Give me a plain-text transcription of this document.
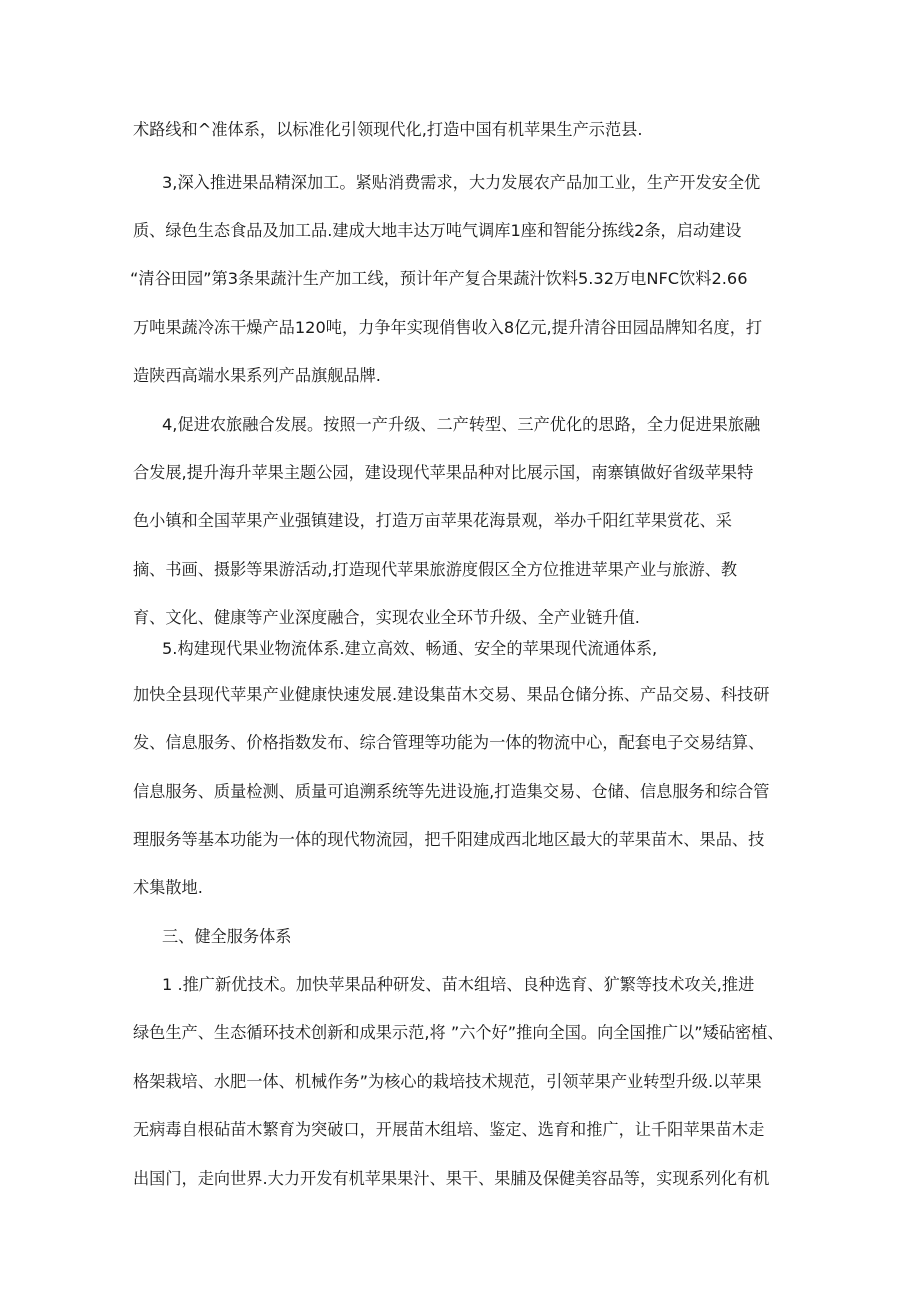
术路线和^准体系，以标准化引领现代化,打造中国有机苹果生产示范县.
3,深入推进果品精深加工。紧贴消费需求，大力发展农产品加工业，生产开发安全优
质、绿色生态食品及加工品.建成大地丰达万吨气调库1座和智能分拣线2条，启动建设
“清谷田园”第3条果蔬汁生产加工线，预计年产复合果蔬汁饮料5.32万电NFC饮料2.66
万吨果蔬冷冻干燥产品120吨，力争年实现俏售收入8亿元,提升清谷田园品牌知名度，打
造陕西高端水果系列产品旗舰品牌.
4,促进农旅融合发展。按照一产升级、二产转型、三产优化的思路，全力促进果旅融
合发展,提升海升苹果主题公园，建设现代苹果品种对比展示国，南寨镇做好省级苹果特
色小镇和全国苹果产业强镇建设，打造万亩苹果花海景观，举办千阳红苹果赏花、采
摘、书画、摄影等果游活动,打造现代苹果旅游度假区全方位推进苹果产业与旅游、教
育、文化、健康等产业深度融合，实现农业全环节升级、全产业链升值.
5.构建现代果业物流体系.建立高效、畅通、安全的苹果现代流通体系,
加快全县现代苹果产业健康快速发展.建设集苗木交易、果品仓储分拣、产品交易、科技研
发、信息服务、价格指数发布、综合管理等功能为一体的物流中心，配套电子交易结算、
信息服务、质量检测、质量可追溯系统等先进设施,打造集交易、仓储、信息服务和综合管
理服务等基本功能为一体的现代物流园，把千阳建成西北地区最大的苹果苗木、果品、技
术集散地.
三、健全服务体系
1 .推广新优技术。加快苹果品种研发、苗木组培、良种选育、犷繁等技术攻关,推进
绿色生产、生态循环技术创新和成果示范,将 ”六个好”推向全国。向全国推广以”矮砧密植、
格架栽培、水肥一体、机械作务”为核心的栽培技术规范，引领苹果产业转型升级.以苹果
无病毒自根砧苗木繁育为突破口，开展苗木组培、鉴定、选育和推广，让千阳苹果苗木走
出国门，走向世界.大力开发有机苹果果汁、果干、果脯及保健美容品等，实现系列化有机
